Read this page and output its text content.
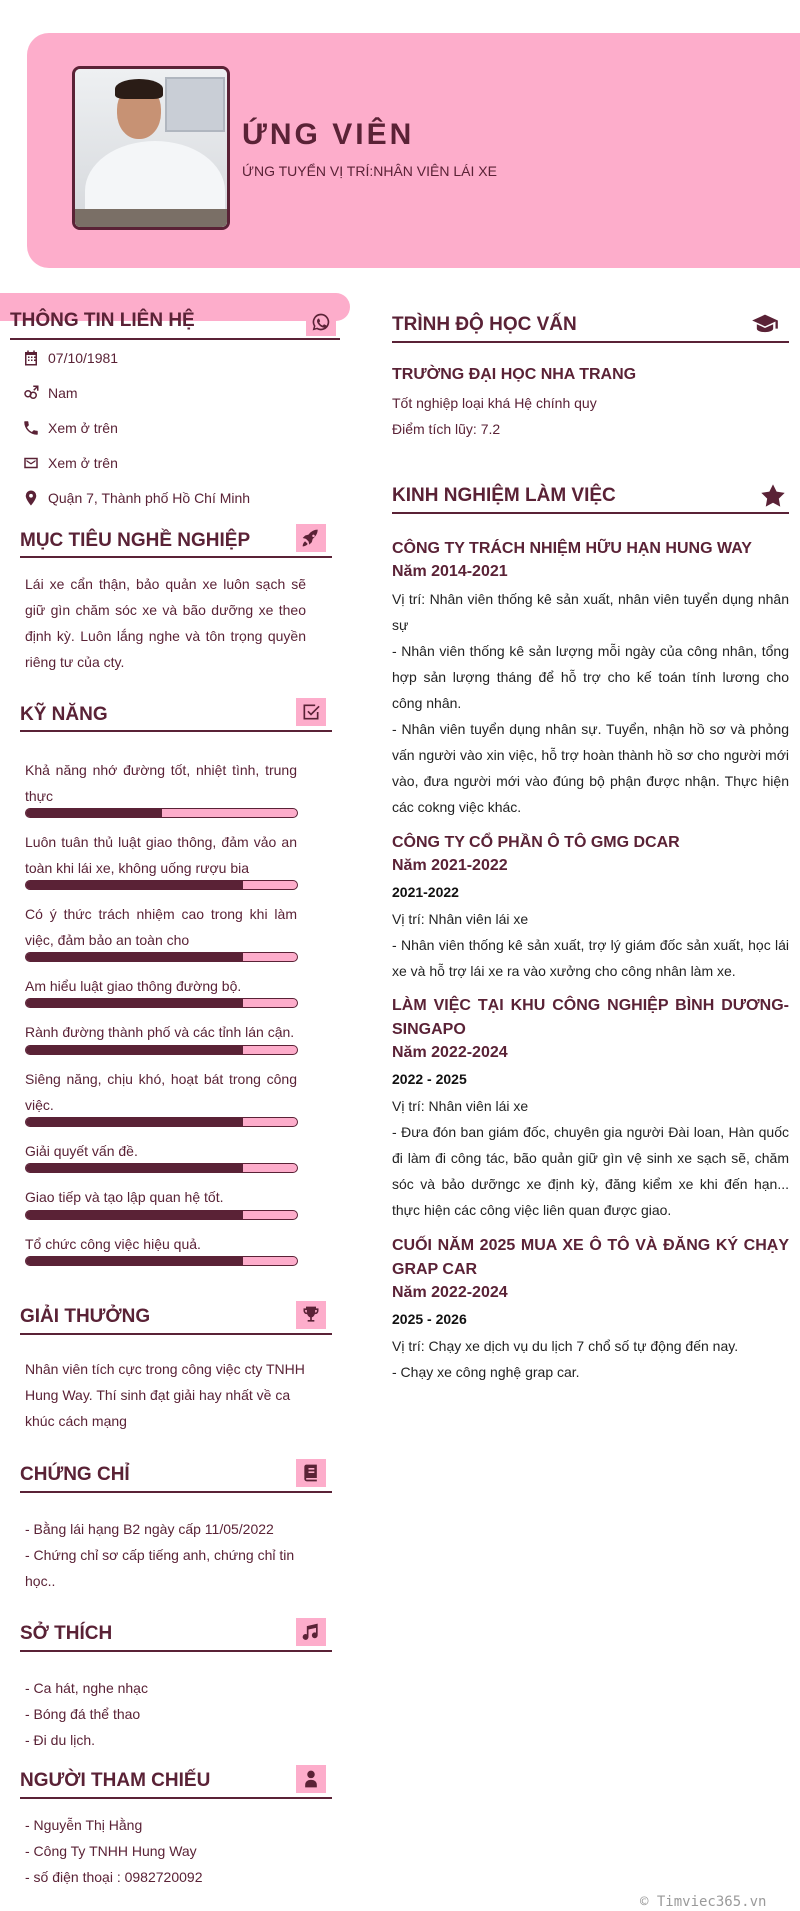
ỨNG VIÊN
ỨNG TUYỂN VỊ TRÍ:NHÂN VIÊN LÁI XE
THÔNG TIN LIÊN HỆ
07/10/1981
Nam
Xem ở trên
Xem ở trên
Quận 7, Thành phố Hồ Chí Minh
MỤC TIÊU NGHỀ NGHIỆP
Lái xe cẩn thận, bảo quản xe luôn sạch sẽ giữ gìn chăm sóc xe và bão dưỡng xe theo định kỳ. Luôn lắng nghe và tôn trọng quyền riêng tư của cty.
KỸ NĂNG
Khả năng nhớ đường tốt, nhiệt tình, trung thực
Luôn tuân thủ luật giao thông, đảm vảo an toàn khi lái xe, không uống rượu bia
Có ý thức trách nhiệm cao trong khi làm việc, đảm bảo an toàn cho
Am hiểu luật giao thông đường bộ.
Rành đường thành phố và các tỉnh lán cận.
Siêng năng, chịu khó, hoạt bát trong công việc.
Giải quyết vấn đề.
Giao tiếp và tạo lập quan hệ tốt.
Tổ chức công việc hiệu quả.
GIẢI THƯỞNG
Nhân viên tích cực trong công việc cty TNHH Hung Way. Thí sinh đạt giải hay nhất về ca khúc cách mạng
CHỨNG CHỈ
- Bằng lái hạng B2 ngày cấp 11/05/2022
- Chứng chỉ sơ cấp tiếng anh, chứng chỉ tin học..
SỞ THÍCH
- Ca hát, nghe nhạc
- Bóng đá thể thao
- Đi du lịch.
NGƯỜI THAM CHIẾU
- Nguyễn Thị Hằng
- Công Ty TNHH Hung Way
- số điện thoại : 0982720092
TRÌNH ĐỘ HỌC VẤN
TRƯỜNG ĐẠI HỌC NHA TRANG
Tốt nghiệp loại khá Hệ chính quy
Điểm tích lũy: 7.2
KINH NGHIỆM LÀM VIỆC
CÔNG TY TRÁCH NHIỆM HỮU HẠN HUNG WAY
Năm 2014-2021
Vị trí: Nhân viên thống kê sản xuất, nhân viên tuyển dụng nhân sự
- Nhân viên thống kê sản lượng mỗi ngày của công nhân, tổng hợp sản lượng tháng để hỗ trợ cho kế toán tính lương cho công nhân.
- Nhân viên tuyển dụng nhân sự. Tuyển, nhận hồ sơ và phỏng vấn người vào xin việc, hỗ trợ hoàn thành hồ sơ cho người mới vào, đưa người mới vào đúng bộ phận được nhận. Thực hiện các cokng việc khác.
CÔNG TY CỔ PHẦN Ô TÔ GMG DCAR
Năm 2021-2022
2021-2022
Vị trí: Nhân viên lái xe
- Nhân viên thống kê sản xuất, trợ lý giám đốc sản xuất, học lái xe và hỗ trợ lái xe ra vào xưởng cho công nhân làm xe.
LÀM VIỆC TẠI KHU CÔNG NGHIỆP BÌNH DƯƠNG-SINGAPO
Năm 2022-2024
2022 - 2025
Vị trí: Nhân viên lái xe
- Đưa đón ban giám đốc, chuyên gia người Đài loan, Hàn quốc đi làm đi công tác, bão quản giữ gìn vệ sinh xe sạch sẽ, chăm sóc và bảo dưỡngc xe định kỳ, đăng kiểm xe khi đến hạn... thực hiện các công việc liên quan được giao.
CUỐI NĂM 2025 MUA XE Ô TÔ VÀ ĐĂNG KÝ CHẠY GRAP CAR
Năm 2022-2024
2025 - 2026
Vị trí: Chạy xe dịch vụ du lịch 7 chổ số tự động đến nay.
- Chạy xe công nghệ grap car.
© Timviec365.vn
